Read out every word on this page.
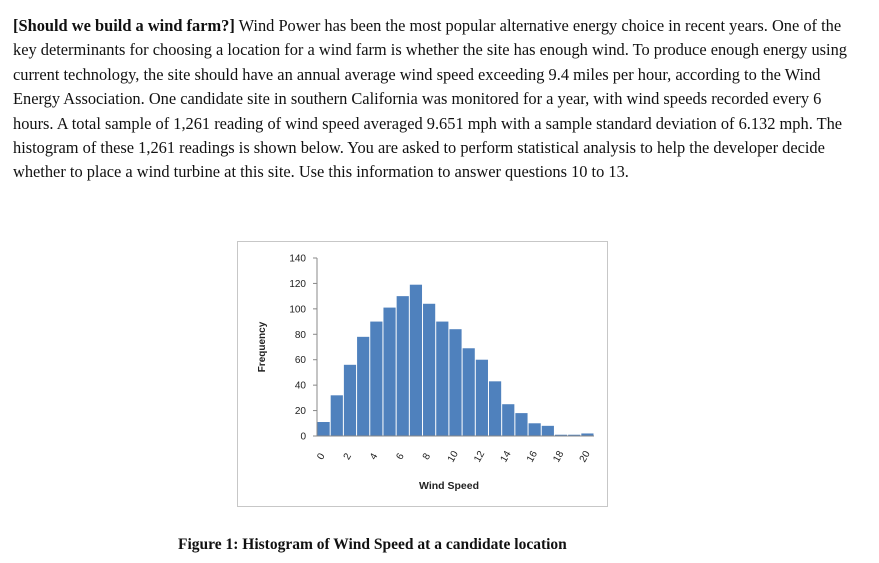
[Should we build a wind farm?] Wind Power has been the most popular alternative energy choice in recent years. One of the key determinants for choosing a location for a wind farm is whether the site has enough wind. To produce enough energy using current technology, the site should have an annual average wind speed exceeding 9.4 miles per hour, according to the Wind Energy Association. One candidate site in southern California was monitored for a year, with wind speeds recorded every 6 hours. A total sample of 1,261 reading of wind speed averaged 9.651 mph with a sample standard deviation of 6.132 mph. The histogram of these 1,261 readings is shown below. You are asked to perform statistical analysis to help the developer decide whether to place a wind turbine at this site. Use this information to answer questions 10 to 13.

0
20
40
60
80
100
120
140
0 2 4 6 8 10 12 14 16 18 20
Frequency
Wind Speed
Figure 1: Histogram of Wind Speed at a candidate location
